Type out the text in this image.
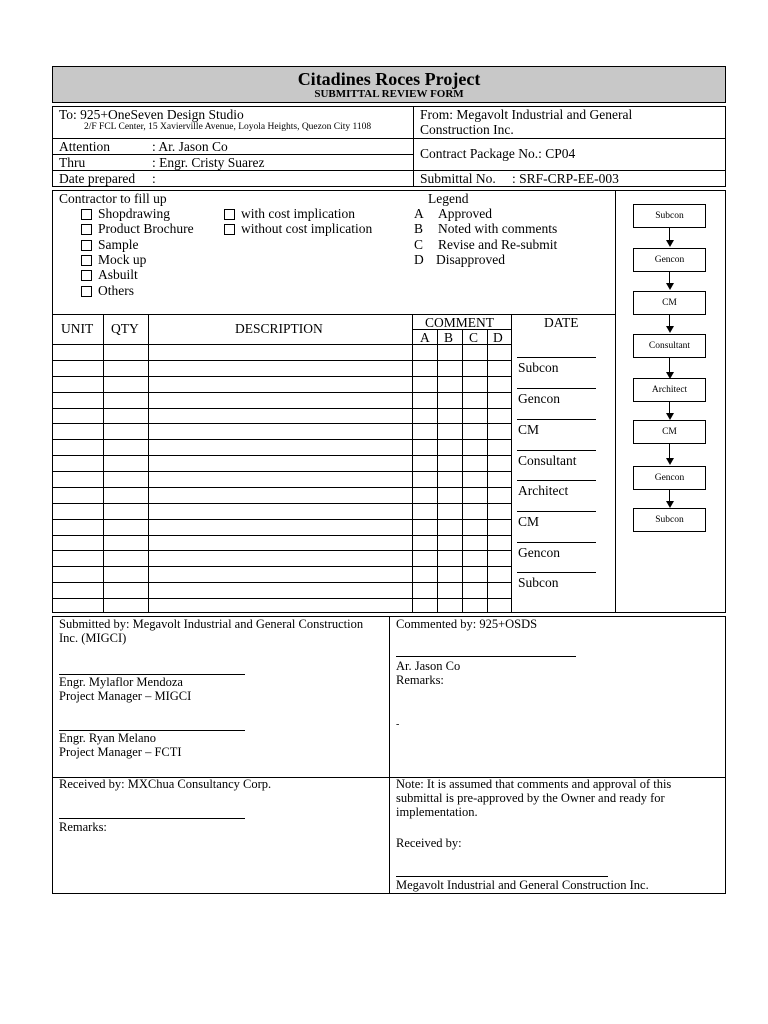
Citadines Roces Project
SUBMITTAL REVIEW FORM
To: 925+OneSeven Design Studio
2/F FCL Center, 15 Xavierville Avenue, Loyola Heights, Quezon City 1108
From: Megavolt Industrial and General
Construction Inc.
Attention	: Ar. Jason Co	Contract Package No.: CP04
Thru	: Engr. Cristy Suarez
Date prepared :	Submittal No. : SRF-CRP-EE-003
Contractor to fill up
Shopdrawing
Product Brochure
Sample
Mock up
Asbuilt
Others
with cost implication
without cost implication
Legend
A Approved
B Noted with comments
C Revise and Re-submit
D Disapproved
UNIT QTY	DESCRIPTION	COMMENT	DATE
A B C D
Subcon
Gencon
CM
Consultant
Architect
CM
Gencon
Subcon
Subcon
Gencon
CM
Consultant
Architect
CM
Gencon
Subcon
Submitted by: Megavolt Industrial and General Construction
Inc. (MIGCI)
Engr. Mylaflor Mendoza
Project Manager – MIGCI
Engr. Ryan Melano
Project Manager – FCTI
Commented by: 925+OSDS
Ar. Jason Co
Remarks:
-
Received by: MXChua Consultancy Corp.
Remarks:
Note: It is assumed that comments and approval of this
submittal is pre-approved by the Owner and ready for
implementation.
Received by:
Megavolt Industrial and General Construction Inc.
